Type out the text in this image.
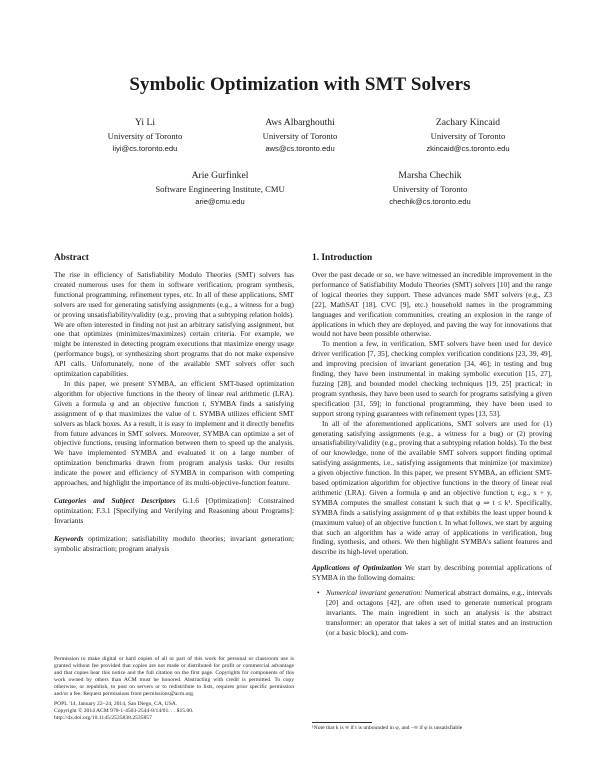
Symbolic Optimization with SMT Solvers
Yi Li
University of Toronto
liyi@cs.toronto.edu
Aws Albarghouthi
University of Toronto
aws@cs.toronto.edu
Zachary Kincaid
University of Toronto
zkincaid@cs.toronto.edu
Arie Gurfinkel
Software Engineering Institute, CMU
arie@cmu.edu
Marsha Chechik
University of Toronto
chechik@cs.toronto.edu
Abstract

The rise in efficiency of Satisfiability Modulo Theories (SMT) solvers has created numerous uses for them in software verification, program synthesis, functional programming, refinement types, etc. In all of these applications, SMT solvers are used for generating satisfying assignments (e.g., a witness for a bug) or proving unsatisfiability/validity (e.g., proving that a subtyping relation holds). We are often interested in finding not just an arbitrary satisfying assignment, but one that optimizes (minimizes/maximizes) certain criteria. For example, we might be interested in detecting program executions that maximize energy usage (performance bugs), or synthesizing short programs that do not make expensive API calls. Unfortunately, none of the available SMT solvers offer such optimization capabilities.

In this paper, we present SYMBA, an efficient SMT-based optimization algorithm for objective functions in the theory of linear real arithmetic (LRA). Given a formula φ and an objective function t, SYMBA finds a satisfying assignment of φ that maximizes the value of t. SYMBA utilizes efficient SMT solvers as black boxes. As a result, it is easy to implement and it directly benefits from future advances in SMT solvers. Moreover, SYMBA can optimize a set of objective functions, reusing information between them to speed up the analysis. We have implemented SYMBA and evaluated it on a large number of optimization benchmarks drawn from program analysis tasks. Our results indicate the power and efficiency of SYMBA in comparison with competing approaches, and highlight the importance of its multi-objective-function feature.

Categories and Subject Descriptors G.1.6 [Optimization]: Constrained optimization; F.3.1 [Specifying and Verifying and Reasoning about Programs]: Invariants

Keywords optimization; satisfiability modulo theories; invariant generation; symbolic abstraction; program analysis

Permission to make digital or hard copies of all or part of this work for personal or classroom use is granted without fee provided that copies are not made or distributed for profit or commercial advantage and that copies bear this notice and the full citation on the first page. Copyrights for components of this work owned by others than ACM must be honored. Abstracting with credit is permitted. To copy otherwise, or republish, to post on servers or to redistribute to lists, requires prior specific permission and/or a fee. Request permissions from permissions@acm.org.

POPL '14, January 22–24, 2014, San Diego, CA, USA.

Copyright © 2014 ACM 978-1-4503-2544-8/14/01. . . $15.00.

http://dx.doi.org/10.1145/2535838.2535857

1. Introduction

Over the past decade or so, we have witnessed an incredible improvement in the performance of Satisfiability Modulo Theories (SMT) solvers [10] and the range of logical theories they support. These advances made SMT solvers (e.g., Z3 [22], MathSAT [18], CVC [9], etc.) household names in the programming languages and verification communities, creating an explosion in the range of applications in which they are deployed, and paving the way for innovations that would not have been possible otherwise.

To mention a few, in verification, SMT solvers have been used for device driver verification [7, 35], checking complex verification conditions [23, 39, 49], and improving precision of invariant generation [34, 46]; in testing and bug finding, they have been instrumental in making symbolic execution [15, 27], fuzzing [28], and bounded model checking techniques [19, 25] practical; in program synthesis, they have been used to search for programs satisfying a given specification [31, 59]; in functional programming, they have been used to support strong typing guarantees with refinement types [13, 53].

In all of the aforementioned applications, SMT solvers are used for (1) generating satisfying assignments (e.g., a witness for a bug) or (2) proving unsatisfiability/validity (e.g., proving that a subtyping relation holds). To the best of our knowledge, none of the available SMT solvers support finding optimal satisfying assignments, i.e., satisfying assignments that minimize (or maximize) a given objective function. In this paper, we present SYMBA, an efficient SMT-based optimization algorithm for objective functions in the theory of linear real arithmetic (LRA). Given a formula φ and an objective function t, e.g., x + y, SYMBA computes the smallest constant k such that φ ⇒ t ≤ k¹. Specifically, SYMBA finds a satisfying assignment of φ that exhibits the least upper bound k (maximum value) of an objective function t. In what follows, we start by arguing that such an algorithm has a wide array of applications in verification, bug finding, synthesis, and others. We then highlight SYMBA's salient features and describe its high-level operation.

Applications of Optimization We start by describing potential applications of SYMBA in the following domains:

• Numerical invariant generation: Numerical abstract domains, e.g., intervals [20] and octagons [42], are often used to generate numerical program invariants. The main ingredient in such an analysis is the abstract transformer: an operator that takes a set of initial states and an instruction (or a basic block), and com-
¹Note that k is ∞ if t is unbounded in φ, and −∞ if φ is unsatisfiable
